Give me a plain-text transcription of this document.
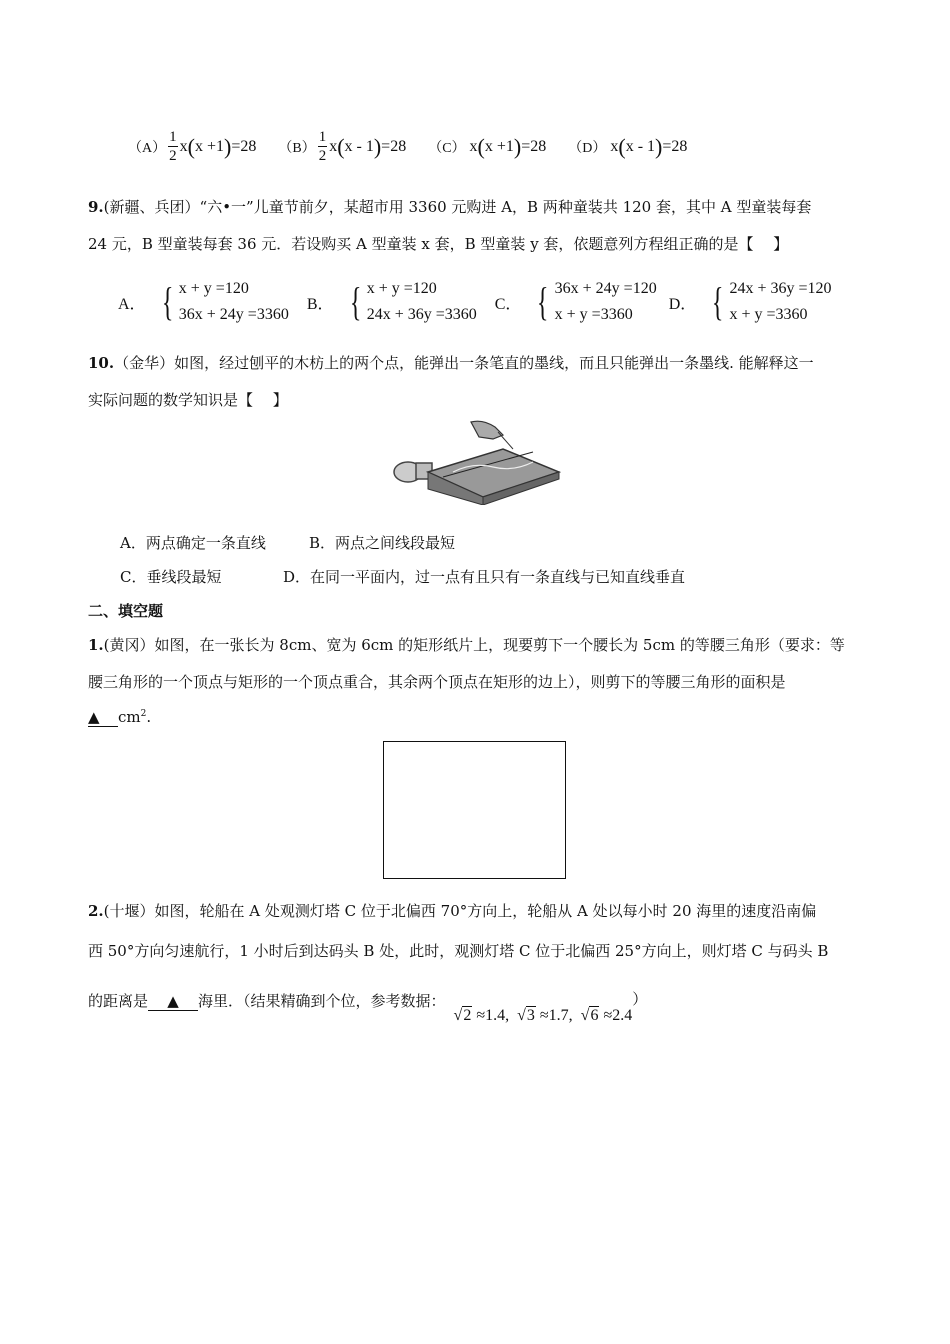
$(A) \frac{1}{2}$ x ( x +1 ) =28 $(B) \frac{1}{2}$ x ( x - 1 ) =28 （C） x ( x +1 ) =28 （D） x ( x - 1 ) =28
9.(新疆、兵团）“六•一”儿童节前夕，某超市用 3360 元购进 A，B 两种童装共 120 套，其中 A 型童装每套
24 元，B 型童装每套 36 元．若设购买 A 型童装 x 套，B 型童装 y 套，依题意列方程组正确的是【　 】
A． { x + y =120
36x + 24y =3360
B． { x + y =120
24x + 36y =3360
C． { 36x + 24y =120
x + y =3360
D． { 24x + 36y =120
x + y =3360
10.（金华）如图，经过刨平的木枋上的两个点，能弹出一条笔直的墨线，而且只能弹出一条墨线. 能解释这一
实际问题的数学知识是【　 】
A．两点确定一条直线	B．两点之间线段最短
C．垂线段最短	D．在同一平面内，过一点有且只有一条直线与已知直线垂直
二、填空题
1.(黄冈）如图，在一张长为 8cm、宽为 6cm 的矩形纸片上，现要剪下一个腰长为 5cm 的等腰三角形（要求：等
腰三角形的一个顶点与矩形的一个顶点重合，其余两个顶点在矩形的边上），则剪下的等腰三角形的面积是
▲ $cm^2$.
2.(十堰）如图，轮船在 A 处观测灯塔 C 位于北偏西 70°方向上，轮船从 A 处以每小时 20 海里的速度沿南偏
西 50°方向匀速航行，1 小时后到达码头 B 处，此时，观测灯塔 C 位于北偏西 25°方向上，则灯塔 C 与码头 B
的距离是	▲	海里．（结果精确到个位，参考数据：
√2 ≈1.4, √3 ≈1.7, √6 ≈2.4
）
